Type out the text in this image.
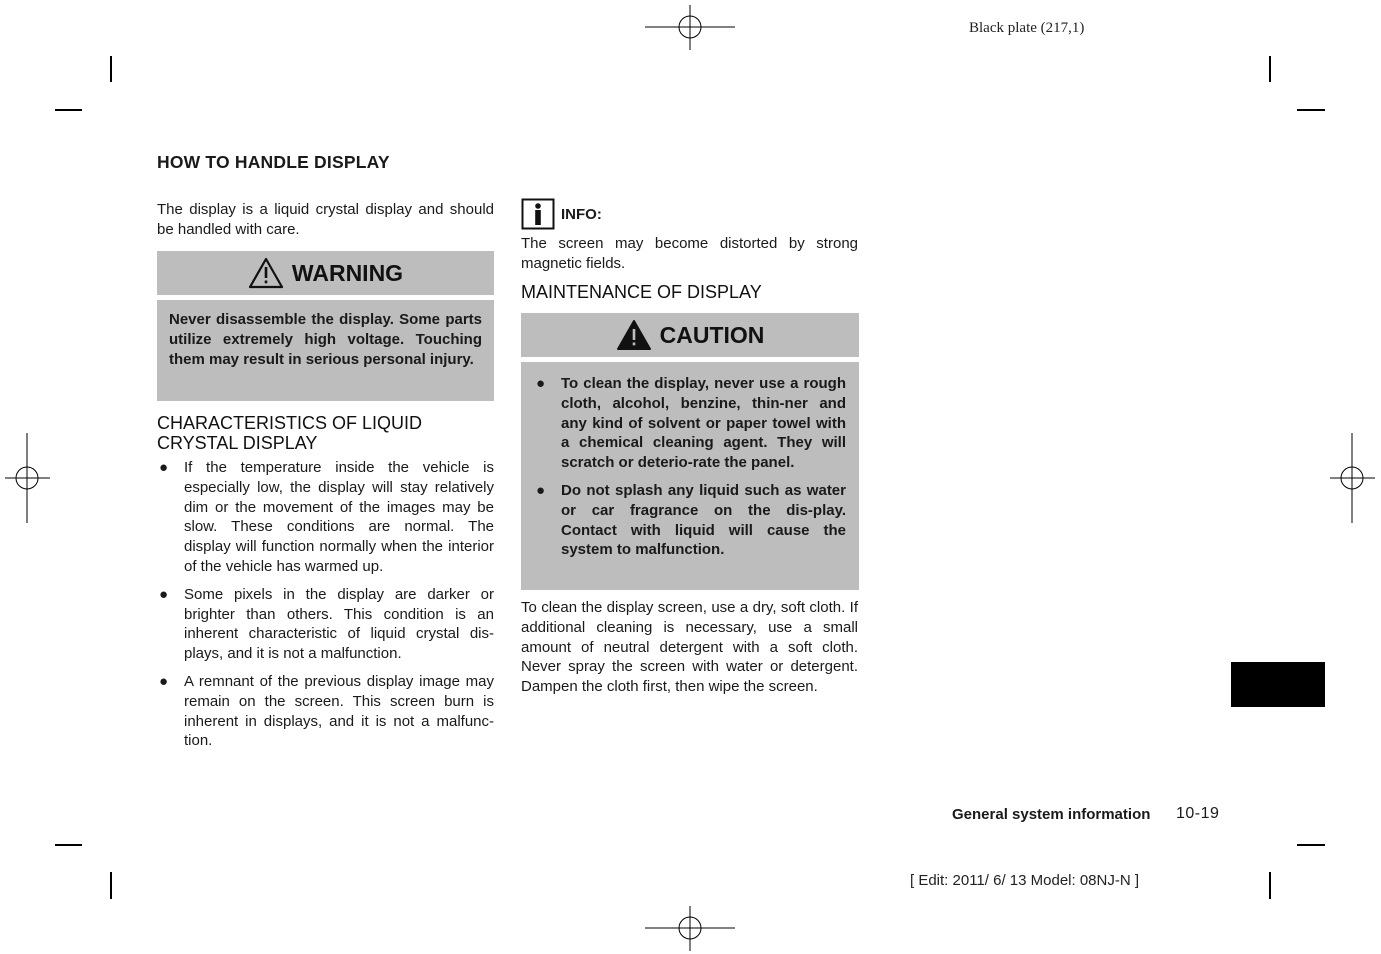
Black plate (217,1)
HOW TO HANDLE DISPLAY

The display is a liquid crystal display and should be handled with care.

WARNING
Never disassemble the display. Some parts utilize extremely high voltage. Touching them may result in serious personal injury.
CHARACTERISTICS OF LIQUID
CRYSTAL DISPLAY
● If the temperature inside the vehicle is especially low, the display will stay relatively dim or the movement of the images may be slow. These conditions are normal. The display will function normally when the interior of the vehicle has warmed up.
● Some pixels in the display are darker or brighter than others. This condition is an inherent characteristic of liquid crystal dis-plays, and it is not a malfunction.
● A remnant of the previous display image may remain on the screen. This screen burn is inherent in displays, and it is not a malfunc-tion.
INFO:

The screen may become distorted by strong magnetic fields.

MAINTENANCE OF DISPLAY
CAUTION
● To clean the display, never use a rough cloth, alcohol, benzine, thin-ner and any kind of solvent or paper towel with a chemical cleaning agent. They will scratch or deterio-rate the panel.
● Do not splash any liquid such as water or car fragrance on the dis-play. Contact with liquid will cause the system to malfunction.

To clean the display screen, use a dry, soft cloth. If additional cleaning is necessary, use a small amount of neutral detergent with a soft cloth. Never spray the screen with water or detergent. Dampen the cloth first, then wipe the screen.

General system information 10-19
[ Edit: 2011/ 6/ 13 Model: 08NJ-N ]
